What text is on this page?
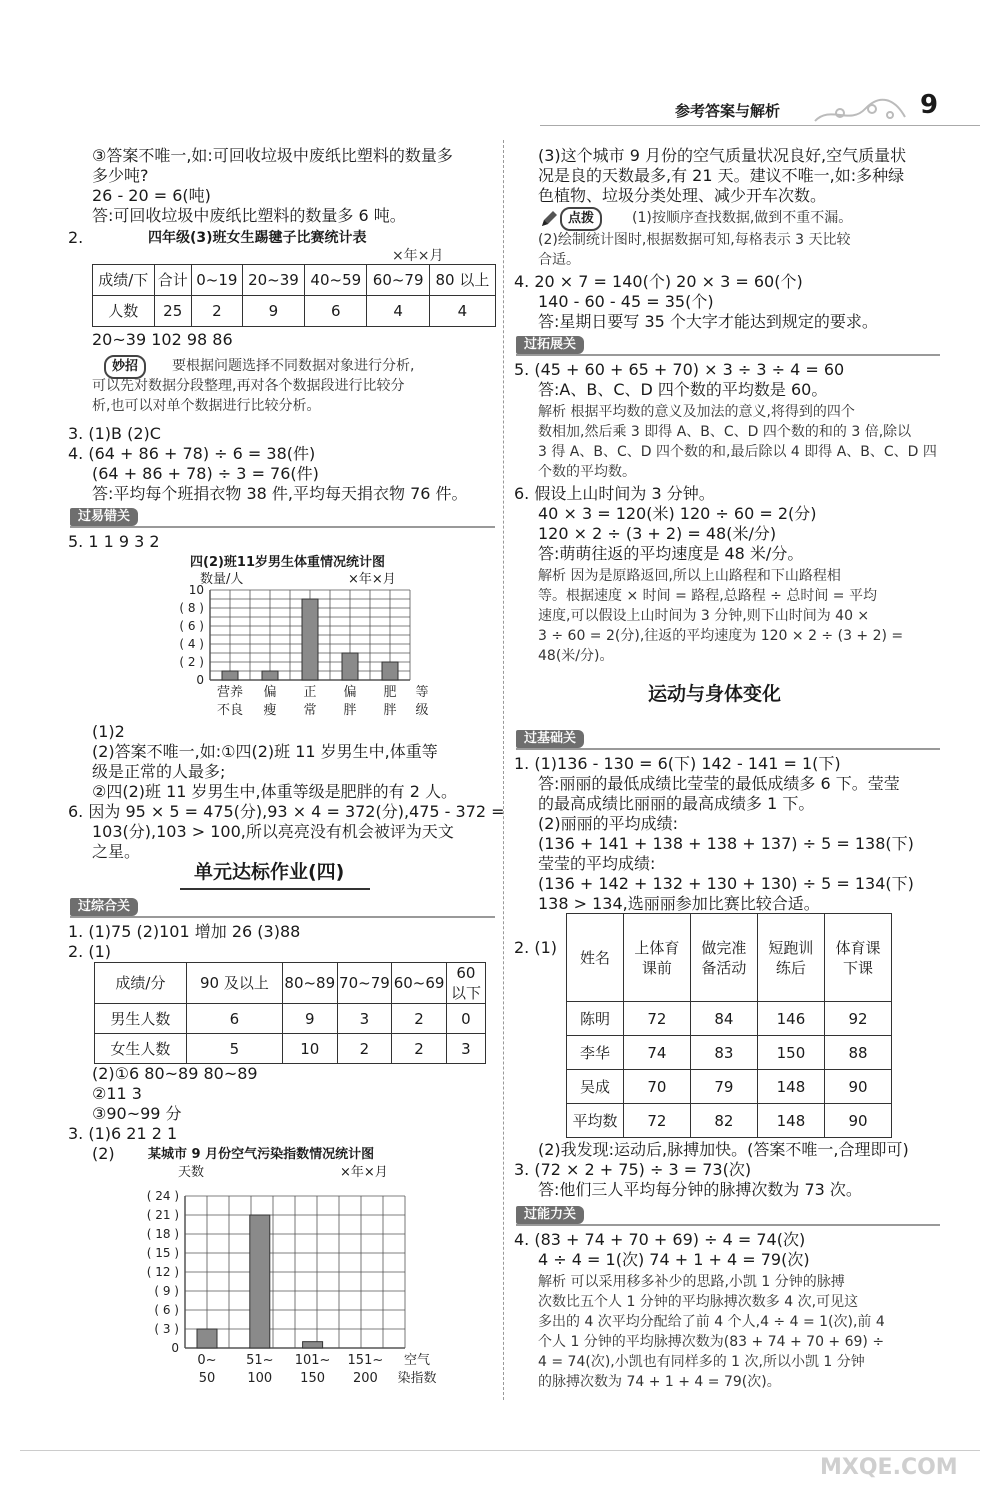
参考答案与解析	9
③答案不唯一,如:可回收垃圾中废纸比塑料的数量多
多少吨?
26 - 20 = 6(吨)
答:可回收垃圾中废纸比塑料的数量多 6 吨。
2.	四年级(3)班女生踢毽子比赛统计表
×年×月
成绩/下	合计	0~19	20~39	40~59	60~79	80 以上
人数	25	2	9	6	4	4
20~39 102 98 86
妙招	要根据问题选择不同数据对象进行分析,
可以先对数据分段整理,再对各个数据段进行比较分
析,也可以对单个数据进行比较分析。
3. (1)B (2)C
4. (64 + 86 + 78) ÷ 6 = 38(件)
(64 + 86 + 78) ÷ 3 = 76(件)
答:平均每个班捐衣物 38 件,平均每天捐衣物 76 件。
过易错关
5. 1 1 9 3 2
四(2)班11岁男生体重情况统计图
数量/人	×年×月
0
( 2 )
( 4 )
( 6 )
( 8 )
10
营养
不良
偏
瘦
正
常
偏
胖
肥
胖
等
级
(1)2
(2)答案不唯一,如:①四(2)班 11 岁男生中,体重等
级是正常的人最多;
②四(2)班 11 岁男生中,体重等级是肥胖的有 2 人。
6. 因为 95 × 5 = 475(分),93 × 4 = 372(分),475 - 372 =
103(分),103 > 100,所以亮亮没有机会被评为天文
之星。
单元达标作业(四)
过综合关
1. (1)75 (2)101 增加 26 (3)88
2. (1)
成绩/分	90 及以上	80~89	70~79	60~69	60 以下
男生人数	6	9	3	2	0
女生人数	5	10	2	2	3
(2)①6 80~89 80~89
②11 3
③90~99 分
3. (1)6 21 2 1
(2)	某城市 9 月份空气污染指数情况统计图
天数	×年×月
0
( 3 )
( 6 )
( 9 )
( 12 )
( 15 )
( 18 )
( 21 )
( 24 )
0~
50
51~
100
101~
150
151~
200
空气
染指数
(3)这个城市 9 月份的空气质量状况良好,空气质量状
况是良的天数最多,有 21 天。建议不唯一,如:多种绿
色植物、垃圾分类处理、减少开车次数。
点拨	(1)按顺序查找数据,做到不重不漏。
(2)绘制统计图时,根据数据可知,每格表示 3 天比较
合适。
4. 20 × 7 = 140(个) 20 × 3 = 60(个)
140 - 60 - 45 = 35(个)
答:星期日要写 35 个大字才能达到规定的要求。
过拓展关
5. (45 + 60 + 65 + 70) × 3 ÷ 3 ÷ 4 = 60
答:A、B、C、D 四个数的平均数是 60。
解析 根据平均数的意义及加法的意义,将得到的四个
数相加,然后乘 3 即得 A、B、C、D 四个数的和的 3 倍,除以
3 得 A、B、C、D 四个数的和,最后除以 4 即得 A、B、C、D 四
个数的平均数。
6. 假设上山时间为 3 分钟。
40 × 3 = 120(米) 120 ÷ 60 = 2(分)
120 × 2 ÷ (3 + 2) = 48(米/分)
答:萌萌往返的平均速度是 48 米/分。
解析 因为是原路返回,所以上山路程和下山路程相
等。根据速度 × 时间 = 路程,总路程 ÷ 总时间 = 平均
速度,可以假设上山时间为 3 分钟,则下山时间为 40 ×
3 ÷ 60 = 2(分),往返的平均速度为 120 × 2 ÷ (3 + 2) =
48(米/分)。
运动与身体变化
过基础关
1. (1)136 - 130 = 6(下) 142 - 141 = 1(下)
答:丽丽的最低成绩比莹莹的最低成绩多 6 下。莹莹
的最高成绩比丽丽的最高成绩多 1 下。
(2)丽丽的平均成绩:
(136 + 141 + 138 + 138 + 137) ÷ 5 = 138(下)
莹莹的平均成绩:
(136 + 142 + 132 + 130 + 130) ÷ 5 = 134(下)
138 > 134,选丽丽参加比赛比较合适。
2. (1)
姓名	上体育课前	做完准备活动	短跑训练后	体育课下课
陈明	72	84	146	92
李华	74	83	150	88
吴成	70	79	148	90
平均数	72	82	148	90
(2)我发现:运动后,脉搏加快。(答案不唯一,合理即可)
3. (72 × 2 + 75) ÷ 3 = 73(次)
答:他们三人平均每分钟的脉搏次数为 73 次。
过能力关
4. (83 + 74 + 70 + 69) ÷ 4 = 74(次)
4 ÷ 4 = 1(次) 74 + 1 + 4 = 79(次)
解析 可以采用移多补少的思路,小凯 1 分钟的脉搏
次数比五个人 1 分钟的平均脉搏次数多 4 次,可见这
多出的 4 次平均分配给了前 4 个人,4 ÷ 4 = 1(次),前 4
个人 1 分钟的平均脉搏次数为(83 + 74 + 70 + 69) ÷
4 = 74(次),小凯也有同样多的 1 次,所以小凯 1 分钟
的脉搏次数为 74 + 1 + 4 = 79(次)。
MXQE.COM
